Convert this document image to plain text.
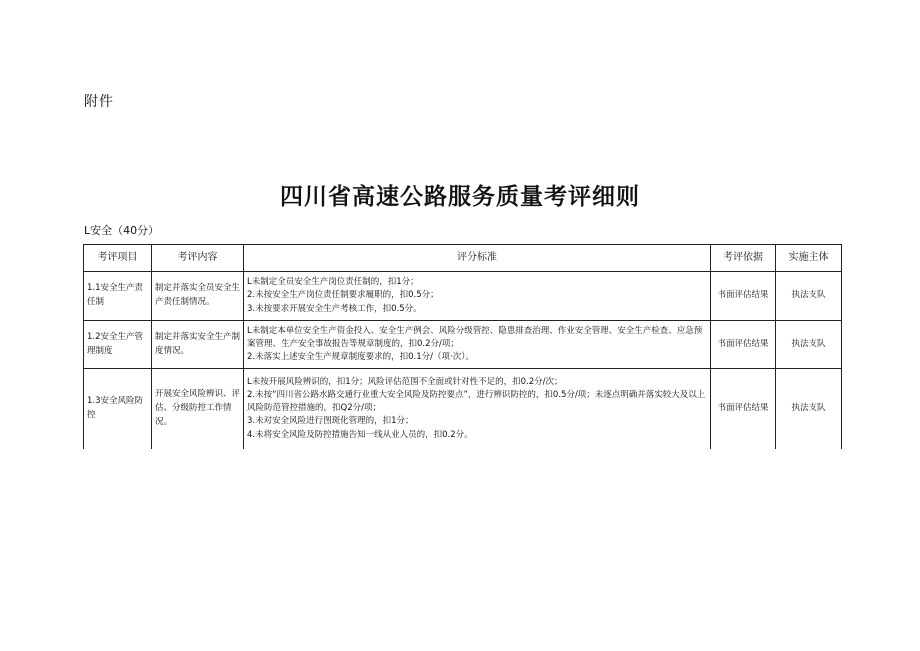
附件
四川省高速公路服务质量考评细则
L安全（40分）
考评项目	考评内容	评分标准	考评依据	实施主体
1.1安全生产责任制	制定并落实全员安全生产责任制情况。	L未制定全员安全生产岗位责任制的，扣1分；
2.未按安全生产岗位责任制要求履职的，扣0.5分；
3.未按要求开展安全生产考核工作，扣0.5分。	书面评估结果	执法支队
1.2安全生产管理制度	制定并落实安全生产制度情况。	L未制定本单位安全生产资金投入、安全生产例会、风险分级管控、隐患排查治理、作业安全管理、安全生产检查、应急预案管理、生产安全事故报告等规章制度的，扣0.2分/项；
2.未落实上述安全生产规章制度要求的，扣0.1分/（项·次）。	书面评估结果	执法支队
1.3安全风险防控	开展安全风险辨识、评估、分级防控工作情况。	L未按开展风险辨识的，扣1分；风险评估范围不全面或针对性不足的，扣0.2分/次；
2.未按“四川省公路水路交通行业重大安全风险及防控要点”，进行辨识防控的，扣0.5分/项；未逐点明确并落实较大及以上风险防范管控措施的，扣Q2分/项；
3.未对安全风险进行图斑化管理的，扣1分；
4.未将安全风险及防控措施告知一线从业人员的，扣0.2分。	书面评估结果	执法支队
